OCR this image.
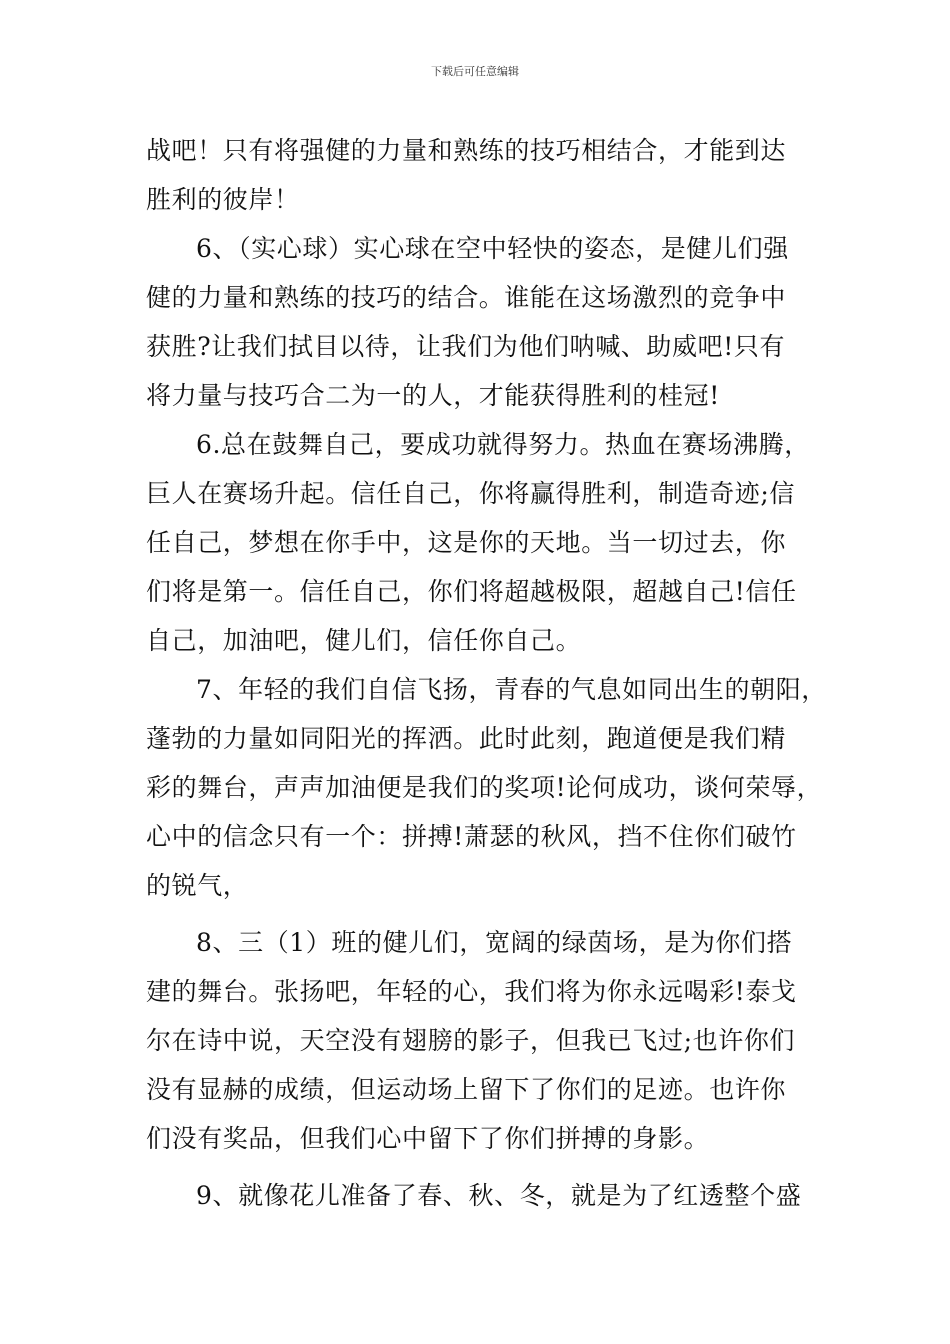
下载后可任意编辑
战吧！只有将强健的力量和熟练的技巧相结合，才能到达
胜利的彼岸！
6、（实心球）实心球在空中轻快的姿态，是健儿们强
健的力量和熟练的技巧的结合。谁能在这场激烈的竞争中
获胜?让我们拭目以待，让我们为他们呐喊、助威吧!只有
将力量与技巧合二为一的人，才能获得胜利的桂冠!
6.总在鼓舞自己，要成功就得努力。热血在赛场沸腾，
巨人在赛场升起。信任自己，你将赢得胜利，制造奇迹;信
任自己，梦想在你手中，这是你的天地。当一切过去，你
们将是第一。信任自己，你们将超越极限，超越自己!信任
自己，加油吧，健儿们，信任你自己。
7、年轻的我们自信飞扬，青春的气息如同出生的朝阳，
蓬勃的力量如同阳光的挥洒。此时此刻，跑道便是我们精
彩的舞台，声声加油便是我们的奖项!论何成功，谈何荣辱，
心中的信念只有一个：拼搏!萧瑟的秋风，挡不住你们破竹
的锐气，
8、三（1）班的健儿们，宽阔的绿茵场，是为你们搭
建的舞台。张扬吧，年轻的心，我们将为你永远喝彩!泰戈
尔在诗中说，天空没有翅膀的影子，但我已飞过;也许你们
没有显赫的成绩，但运动场上留下了你们的足迹。也许你
们没有奖品，但我们心中留下了你们拼搏的身影。
9、就像花儿准备了春、秋、冬，就是为了红透整个盛
